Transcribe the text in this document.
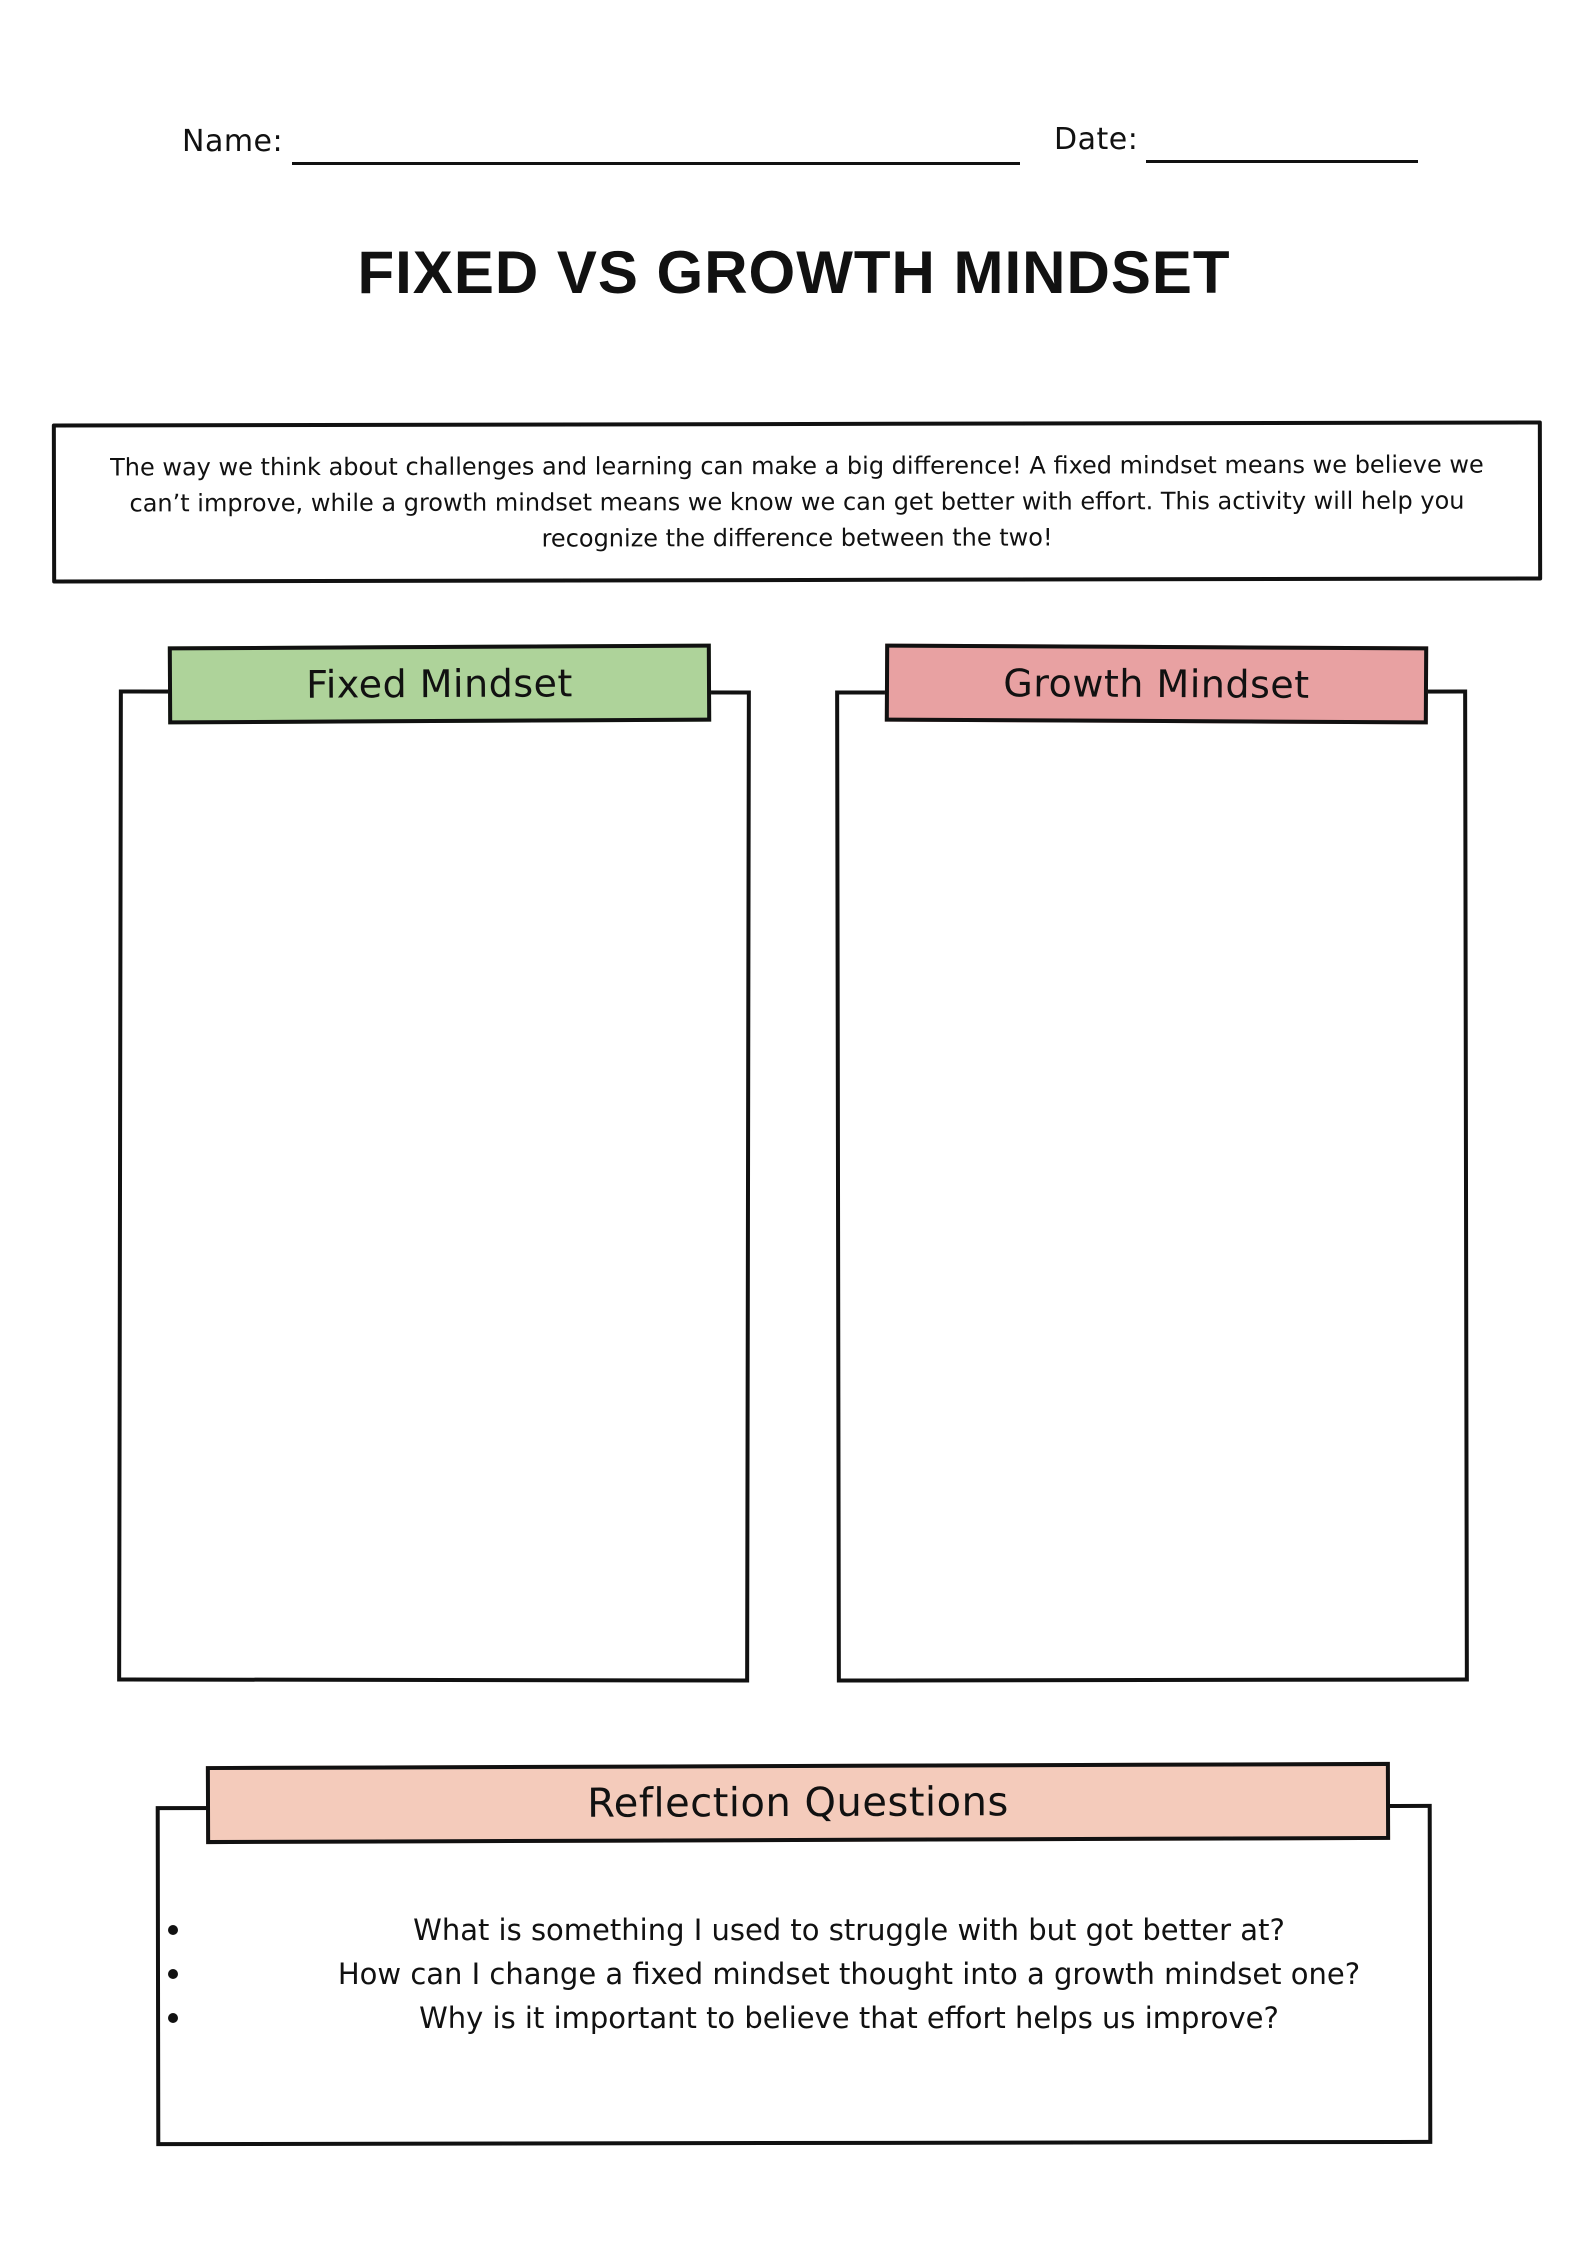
Name:	Date:
FIXED VS GROWTH MINDSET
The way we think about challenges and learning can make a big difference! A fixed mindset means we believe we can’t improve, while a growth mindset means we know we can get better with effort. This activity will help you recognize the difference between the two!
Fixed Mindset	Growth Mindset
Reflection Questions
What is something I used to struggle with but got better at?
How can I change a fixed mindset thought into a growth mindset one?
Why is it important to believe that effort helps us improve?
